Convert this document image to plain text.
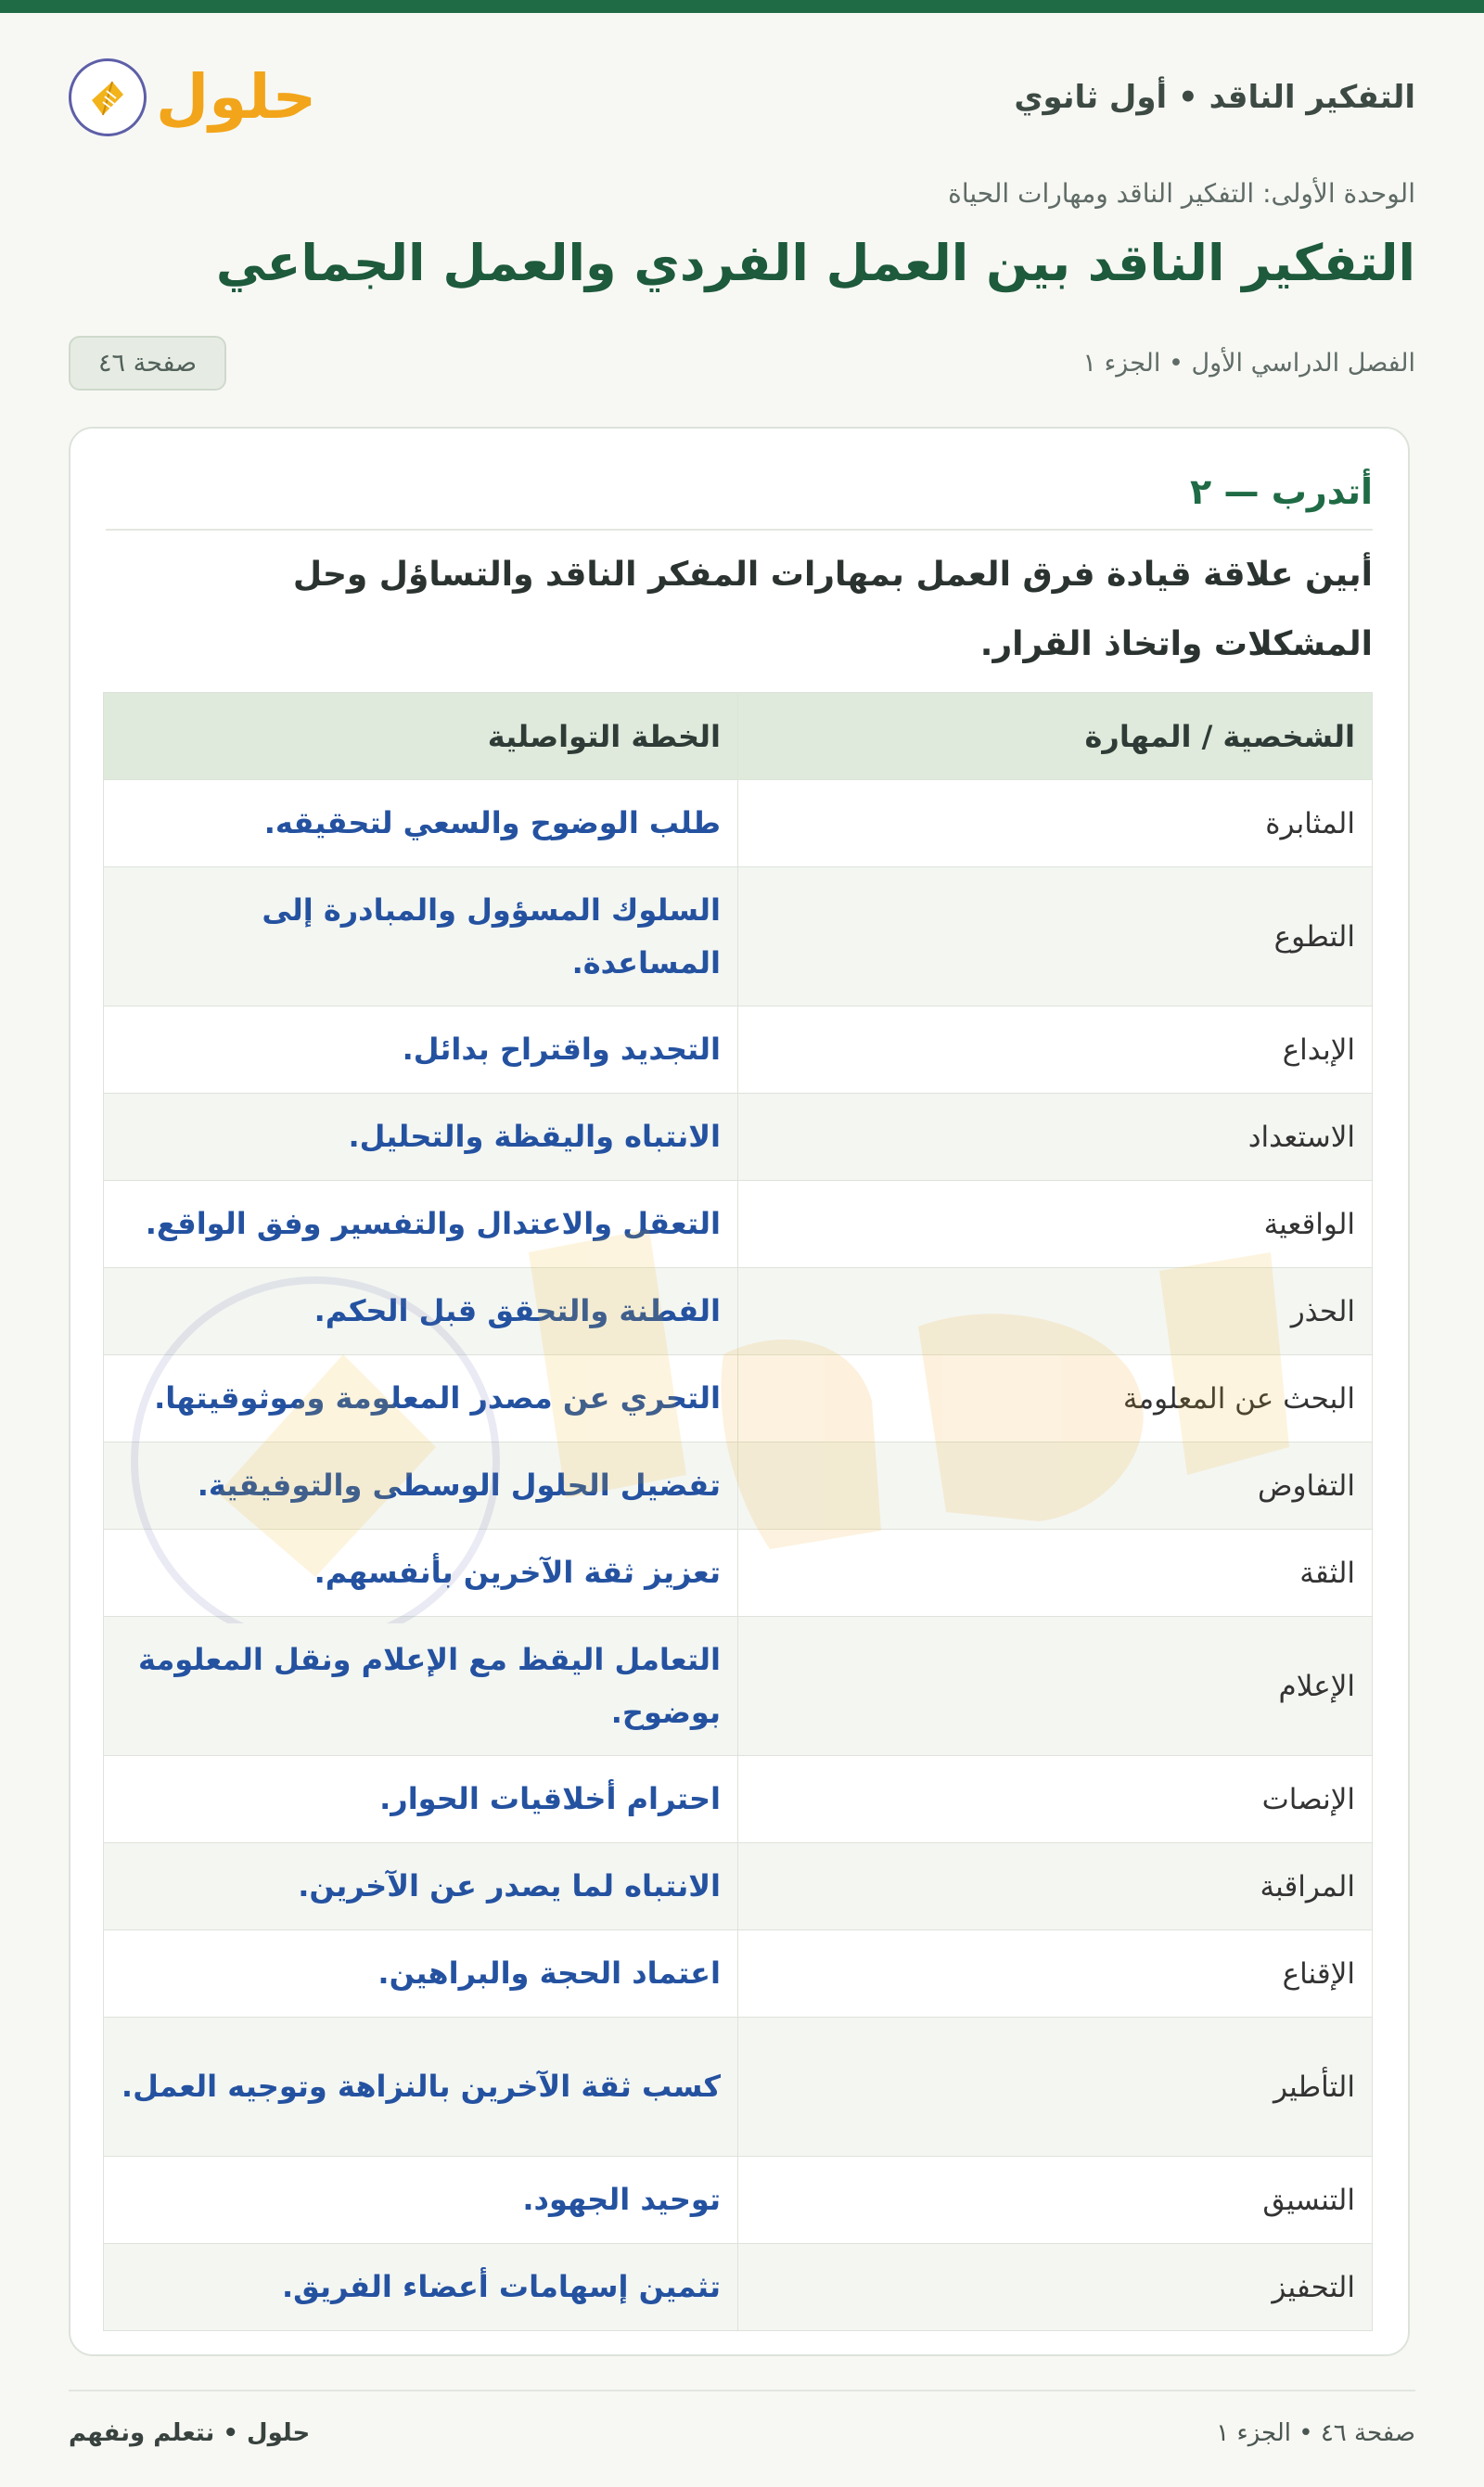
التفكير الناقد • أول ثانوي
حلول
الوحدة الأولى: التفكير الناقد ومهارات الحياة
التفكير الناقد بين العمل الفردي والعمل الجماعي
الفصل الدراسي الأول • الجزء ١
صفحة ٤٦
أتدرب — ٢
أبين علاقة قيادة فرق العمل بمهارات المفكر الناقد والتساؤل وحل المشكلات واتخاذ القرار.
الشخصية / المهارة	الخطة التواصلية
المثابرة	طلب الوضوح والسعي لتحقيقه.
التطوع	السلوك المسؤول والمبادرة إلى المساعدة.
الإبداع	التجديد واقتراح بدائل.
الاستعداد	الانتباه واليقظة والتحليل.
الواقعية	التعقل والاعتدال والتفسير وفق الواقع.
الحذر	الفطنة والتحقق قبل الحكم.
البحث عن المعلومة	التحري عن مصدر المعلومة وموثوقيتها.
التفاوض	تفضيل الحلول الوسطى والتوفيقية.
الثقة	تعزيز ثقة الآخرين بأنفسهم.
الإعلام	التعامل اليقظ مع الإعلام ونقل المعلومة بوضوح.
الإنصات	احترام أخلاقيات الحوار.
المراقبة	الانتباه لما يصدر عن الآخرين.
الإقناع	اعتماد الحجة والبراهين.
التأطير	كسب ثقة الآخرين بالنزاهة وتوجيه العمل.
التنسيق	توحيد الجهود.
التحفيز	تثمين إسهامات أعضاء الفريق.
صفحة ٤٦ • الجزء ١
حلول • نتعلم ونفهم
